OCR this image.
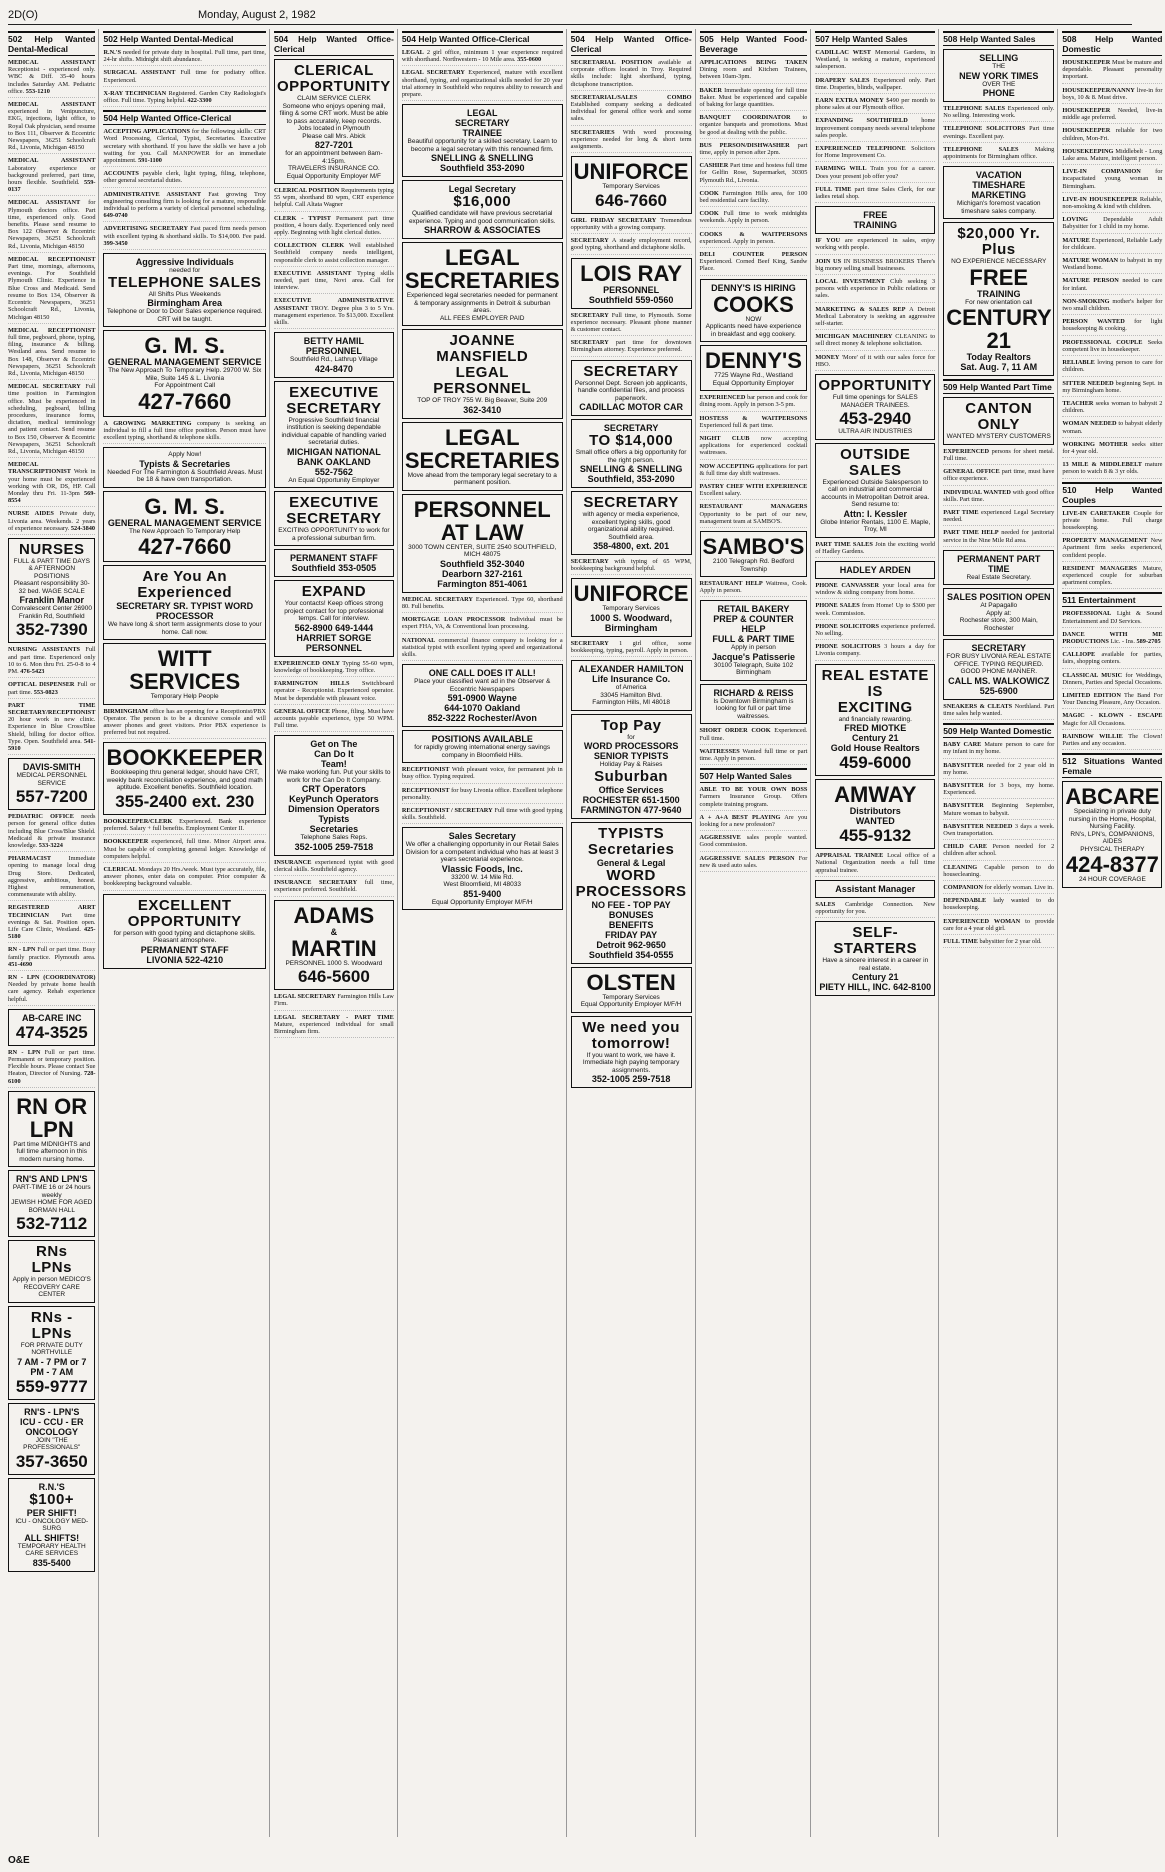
2D(O)	Monday, August 2, 1982
502 Help Wanted Dental-Medical

MEDICAL ASSISTANT Receptionist - experienced only. WBC & Diff. 35-40 hours includes Saturday AM. Pediatric office. 553-1210

MEDICAL ASSISTANT experienced in Venipuncture, EKG, injections, light office, to Royal Oak physician, send resume to Box 111, Observer & Eccentric Newspapers, 36251 Schoolcraft Rd., Livonia, Michigan 48150

MEDICAL ASSISTANT Laboratory experience or background preferred, part time, hours flexible. Southfield. 559-0137

MEDICAL ASSISTANT for Plymouth doctors office. Part time, experienced only. Good benefits. Please send resume to Box 122 Observer & Eccentric Newspapers, 36251 Schoolcraft Rd., Livonia, Michigan 48150

MEDICAL RECEPTIONIST Part time, mornings, afternoons, evenings. For Southfield Plymouth Clinic. Experience in Blue Cross and Medicaid. Send resume to Box 134, Observer & Eccentric Newspapers, 36251 Schoolcraft Rd., Livonia, Michigan 48150

MEDICAL RECEPTIONIST full time, pegboard, phone, typing, filing, insurance & billing. Westland area. Send resume to Box 148, Observer & Eccentric Newspapers, 36251 Schoolcraft Rd., Livonia, Michigan 48150

MEDICAL SECRETARY Full time position in Farmington office. Must be experienced in scheduling, pegboard, billing procedures, insurance forms, dictation, medical terminology and patient contact. Send resume to Box 150, Observer & Eccentric Newspapers, 36251 Schoolcraft Rd., Livonia, Michigan 48150

MEDICAL TRANSCRIPTIONIST Work in your home must be experienced working with OR, DS, HP. Call Monday thru Fri. 11-3pm 569-8554

NURSE AIDES Private duty, Livonia area. Weekends. 2 years of experience necessary. 524-3840

NURSES
FULL & PART TIME DAYS & AFTERNOON POSITIONS
Pleasant responsibility 30-32 bed. WAGE SCALE
Franklin Manor
Convalescent Center 26900 Franklin Rd, Southfield
352-7390

NURSING ASSISTANTS Full and part time. Experienced only 10 to 6. Mon thru Fri. 25-0-8 to 4 PM. 476-5423

OPTICAL DISPENSER Full or part time. 553-0823

PART TIME SECRETARY/RECEPTIONIST 20 hour work in new clinic. Experience in Blue Cross/Blue Shield, billing for doctor office. Type. Open. Southfield area. 541-5910

DAVIS-SMITH
MEDICAL PERSONNEL SERVICE
557-7200

PEDIATRIC OFFICE needs person for general office duties including Blue Cross/Blue Shield. Medicaid & private insurance knowledge. 533-3224

PHARMACIST	Immediate opening to manage local drug Drug Store. Dedicated, aggressive, ambitious, honest. Highest remuneration, commensurate with ability.

REGISTERED ARRT TECHNICIAN Part time evenings & Sat. Position open. Life Care Clinic, Westland. 425-5180

RN - LPN Full or part time. Busy family practice. Plymouth area. 451-4690

RN - LPN (COORDINATOR) Needed by private home health care agency. Rehab experience helpful.

AB-CARE INC
474-3525

RN - LPN Full or part time. Permanent or temporary position. Flexible hours. Please contact Sue Heaton, Director of Nursing. 728-6100

RN OR LPN
Part time MIDNIGHTS and full time afternoon in this modern nursing home.
RN'S AND LPN'S
PART-TIME 16 or 24 hours weekly
JEWISH HOME FOR AGED BORMAN HALL
532-7112
RNs
LPNs
Apply in person MEDICO'S RECOVERY CARE CENTER
RNs - LPNs
FOR PRIVATE DUTY NORTHVILLE
7 AM - 7 PM or 7 PM - 7 AM
559-9777
RN'S - LPN'S
ICU - CCU - ER ONCOLOGY
JOIN "THE PROFESSIONALS"
357-3650
R.N.'S
$100+
PER SHIFT!
ICU - ONCOLOGY MED-SURG
ALL SHIFTS!
TEMPORARY HEALTH CARE SERVICES
835-5400
502 Help Wanted Dental-Medical

R.N.'S needed for private duty in hospital. Full time, part time, 24-hr shifts. Midnight shift abundance.

SURGICAL ASSISTANT Full time for podiatry office. Experienced.

X-RAY TECHNICIAN Registered. Garden City Radiologist's office. Full time. Typing helpful. 422-3300

504 Help Wanted Office-Clerical

ACCEPTING APPLICATIONS for the following skills: CRT Word Processing, Clerical, Typist, Secretaries. Executive secretary with shorthand. If you have the skills we have a job waiting for you. Call MANPOWER for an immediate appointment. 591-1100

ACCOUNTS payable clerk, light typing, filing, telephone, other general secretarial duties.

ADMINISTRATIVE ASSISTANT Fast growing Troy engineering consulting firm is looking for a mature, responsible individual to perform a variety of clerical personnel scheduling. 649-0740

ADVERTISING SECRETARY Fast paced firm needs person with excellent typing & shorthand skills. To $14,000. Fee paid. 399-3450

Aggressive Individuals
needed for
TELEPHONE SALES
All Shifts Plus Weekends
Birmingham Area
Telephone or Door to Door Sales experience required. CRT will be taught.
G. M. S.
GENERAL MANAGEMENT SERVICE
The New Approach To Temporary Help. 29700 W. Six Mile, Suite 145 & L. Livonia
For Appointment Call
427-7660

A GROWING MARKETING company is seeking an individual to fill a full time office position. Person must have excellent typing, shorthand & telephone skills.

Apply Now!
Typists & Secretaries
Needed For The Farmington & Southfield Areas. Must be 18 & have own transportation.
G. M. S.
GENERAL MANAGEMENT SERVICE
The New Approach To Temporary Help
427-7660
Are You An Experienced
SECRETARY SR. TYPIST WORD PROCESSOR
We have long & short term assignments close to your home. Call now.
WITT
SERVICES
Temporary Help People

BIRMINGHAM office has an opening for a Receptionist/PBX Operator. The person is to be a dicursive console and will answer phones and greet visitors. Prior PBX experience is preferred but not required.

BOOKKEEPER
Bookkeeping thru general ledger, should have CRT, weekly bank reconciliation experience, and good math aptitude. Excellent benefits. Southfield location.
355-2400 ext. 230

BOOKKEEPER/CLERK Experienced. Bank experience preferred. Salary + full benefits. Employment Center II.

BOOKKEEPER experienced, full time. Minor Airport area. Must be capable of completing general ledger. Knowledge of computers helpful.

CLERICAL Mondays 20 Hrs./week. Must type accurately, file, answer phones, enter data on computer. Prior computer & bookkeeping background valuable.

EXCELLENT
OPPORTUNITY
for person with good typing and dictaphone skills. Pleasant atmosphere.
PERMANENT STAFF
LIVONIA 522-4210
504 Help Wanted Office-Clerical
CLERICAL
OPPORTUNITY
CLAIM SERVICE CLERK
Someone who enjoys opening mail, filing & some CRT work. Must be able to pass accurately, keep records.
Jobs located in Plymouth
Please call Mrs. Abick
827-7201
for an appointment between 8am-4:15pm.
TRAVELERS INSURANCE CO.
Equal Opportunity Employer M/F

CLERICAL POSITION Requirements typing 55 wpm, shorthand 80 wpm, CRT experience helpful. Call Altata Wagner

CLERK - TYPIST Permanent part time position, 4 hours daily. Experienced only need apply. Beginning with light clerical duties.

COLLECTION CLERK Well established Southfield company needs intelligent, responsible clerk to assist collection manager.

EXECUTIVE ASSISTANT Typing skills needed, part time, Novi area. Call for interview.

EXECUTIVE ADMINISTRATIVE ASSISTANT TROY. Degree plus 3 to 5 Yrs. management experience. To $13,000. Excellent skills.

BETTY HAMIL PERSONNEL
Southfield Rd., Lathrup Village
424-8470
EXECUTIVE
SECRETARY
Progressive Southfield financial institution is seeking dependable individual capable of handling varied secretarial duties.
MICHIGAN NATIONAL BANK OAKLAND
552-7562
An Equal Opportunity Employer
EXECUTIVE
SECRETARY
EXCITING OPPORTUNITY to work for a professional suburban firm.
PERMANENT STAFF
Southfield 353-0505
EXPAND
Your contacts! Keep offices strong project contact for top professional temps. Call for interview.
562-8900 649-1444
HARRIET SORGE PERSONNEL

EXPERIENCED ONLY Typing 55-60 wpm, knowledge of bookkeeping. Troy office.

FARMINGTON HILLS Switchboard operator - Receptionist. Experienced operator. Must be dependable with pleasant voice.

GENERAL OFFICE Phone, filing. Must have accounts payable experience, type 50 WPM. Full time.

Get on The
Can Do It
Team!
We make working fun. Put your skills to work for the Can Do It Company.
CRT Operators
KeyPunch Operators
Dimension Operators
Typists
Secretaries
Telephone Sales Reps.
352-1005 259-7518

INSURANCE experienced typist with good clerical skills. Southfield agency.

INSURANCE SECRETARY full time, experience preferred. Southfield.

ADAMS
&
MARTIN
PERSONNEL 1000 S. Woodward
646-5600

LEGAL SECRETARY Farmington Hills Law Firm.

LEGAL SECRETARY - PART TIME Mature, experienced individual for small Birmingham firm.

504 Help Wanted Office-Clerical

LEGAL 2 girl office, minimum 1 year experience required with shorthand. Northwestern - 10 Mile area. 355-0600

LEGAL SECRETARY Experienced, mature with excellent shorthand, typing, and organizational skills needed for 20 year trial attorney in Southfield who requires ability to research and prepare.

LEGAL
SECRETARY
TRAINEE
Beautiful opportunity for a skilled secretary. Learn to become a legal secretary with this renowned firm.
SNELLING & SNELLING
Southfield 353-2090
Legal Secretary
$16,000
Qualified candidate will have previous secretarial experience. Typing and good communication skills.
SHARROW & ASSOCIATES
LEGAL
SECRETARIES
Experienced legal secretaries needed for permanent & temporary assignments in Detroit & suburban areas.
ALL FEES EMPLOYER PAID
JOANNE
MANSFIELD
LEGAL
PERSONNEL
TOP OF TROY 755 W. Big Beaver, Suite 209
362-3410
LEGAL
SECRETARIES
Move ahead from the temporary legal secretary to a permanent position.
PERSONNEL
AT LAW
3000 TOWN CENTER, SUITE 2540 SOUTHFIELD, MICH 48075
Southfield 352-3040
Dearborn 327-2161
Farmington 851-4061

MEDICAL SECRETARY Experienced. Type 60, shorthand 80. Full benefits.

MORTGAGE LOAN PROCESSOR Individual must be expert FHA, VA, & Conventional loan processing.

NATIONAL commercial finance company is looking for a statistical typist with excellent typing speed and organizational skills.

ONE CALL DOES IT ALL!
Place your classified want ad in the Observer & Eccentric Newspapers
591-0900 Wayne
644-1070 Oakland
852-3222 Rochester/Avon
POSITIONS AVAILABLE
for rapidly growing international energy savings company in Bloomfield Hills.

RECEPTIONIST With pleasant voice, for permanent job in busy office. Typing required.

RECEPTIONIST for busy Livonia office. Excellent telephone personality.

RECEPTIONIST / SECRETARY Full time with good typing skills. Southfield.

Sales Secretary
We offer a challenging opportunity in our Retail Sales Division for a competent individual who has at least 3 years secretarial experience.
Vlassic Foods, Inc.
33200 W. 14 Mile Rd.
West Bloomfield, MI 48033
851-9400
Equal Opportunity Employer M/F/H
504 Help Wanted Office-Clerical

SECRETARIAL POSITION available at corporate offices located in Troy. Required skills include: light shorthand, typing, dictaphone transcription.

SECRETARIAL/SALES COMBO Established company seeking a dedicated individual for general office work and some sales.

SECRETARIES With word processing experience needed for long & short term assignments.

UNIFORCE
Temporary Services
646-7660

GIRL FRIDAY SECRETARY Tremendous opportunity with a growing company.

SECRETARY A steady employment record, good typing, shorthand and dictaphone skills.

LOIS RAY
PERSONNEL
Southfield 559-0560

SECRETARY Full time, to Plymouth. Some experience necessary. Pleasant phone manner & customer contact.

SECRETARY part time for downtown Birmingham attorney. Experience preferred.

SECRETARY
Personnel Dept. Screen job applicants, handle confidential files, and process paperwork.
CADILLAC MOTOR CAR
SECRETARY
TO $14,000
Small office offers a big opportunity for the right person.
SNELLING & SNELLING
Southfield, 353-2090
SECRETARY
with agency or media experience, excellent typing skills, good organizational ability required. Southfield area.
358-4800, ext. 201

SECRETARY with typing of 65 WPM, bookkeeping background helpful.

UNIFORCE
Temporary Services
1000 S. Woodward, Birmingham

SECRETARY 1 girl office, some bookkeeping, typing, payroll. Apply in person.

ALEXANDER HAMILTON
Life Insurance Co.
of America
33045 Hamilton Blvd.
Farmington Hills, MI 48018
Top Pay
for
WORD PROCESSORS
SENIOR TYPISTS
Holiday Pay & Raises
Suburban
Office Services
ROCHESTER 651-1500
FARMINGTON 477-9640
TYPISTS
Secretaries
General & Legal
WORD
PROCESSORS
NO FEE - TOP PAY
BONUSES
BENEFITS
FRIDAY PAY
Detroit 962-9650
Southfield 354-0555
OLSTEN
Temporary Services
Equal Opportunity Employer M/F/H
We need you
tomorrow!
If you want to work, we have it. Immediate high paying temporary assignments.
352-1005 259-7518
505 Help Wanted Food-Beverage

APPLICATIONS BEING TAKEN Dining room and Kitchen Trainees, between 10am-3pm.

BAKER Immediate opening for full time Baker. Must be experienced and capable of baking for large quantities.

BANQUET COORDINATOR to organize banquets and promotions. Must be good at dealing with the public.

BUS PERSON/DISHWASHER part time, apply in person after 2pm.

CASHIER Part time and hostess full time for Gelfin Rose, Supermarket, 30305 Plymouth Rd., Livonia.

COOK Farmington Hills area, for 100 bed residential care facility.

COOK Full time to work midnights weekends. Apply in person.

COOKS & WAITPERSONS experienced. Apply in person.

DELI COUNTER PERSON Experienced. Corned Beef King, Sandw Place.

DENNY'S IS HIRING
COOKS
NOW
Applicants need have experience in breakfast and egg cookery.
DENNY'S
7725 Wayne Rd., Westland
Equal Opportunity Employer

EXPERIENCED bar person and cook for dining room. Apply in person 3-5 pm.

HOSTESS & WAITPERSONS Experienced full & part time.

NIGHT CLUB now accepting applications for experienced cocktail waitresses.

NOW ACCEPTING applications for part & full time day shift waitresses.

PASTRY CHEF WITH EXPERIENCE Excellent salary.

RESTAURANT MANAGERS Opportunity to be part of our new, management team at SAMBO'S.

SAMBO'S
2100 Telegraph Rd. Bedford Township

RESTAURANT HELP Waitress, Cook. Apply in person.

RETAIL BAKERY
PREP & COUNTER HELP
FULL & PART TIME
Apply in person
Jacque's Patisserie
30100 Telegraph, Suite 102 Birmingham
RICHARD & REISS
Is Downtown Birmingham is looking for full or part time waitresses.

SHORT ORDER COOK Experienced. Full time.

WAITRESSES Wanted full time or part time. Apply in person.

507 Help Wanted Sales

ABLE TO BE YOUR OWN BOSS Farmers Insurance Group. Offers complete training program.

A + A+A BEST PLAYING Are you looking for a new profession?

AGGRESSIVE sales people wanted. Good commission.

AGGRESSIVE SALES PERSON For new & used auto sales.

507 Help Wanted Sales

CADILLAC WEST Memorial Gardens, in Westland, is seeking a mature, experienced salesperson.

DRAPERY SALES Experienced only. Part time. Draperies, blinds, wallpaper.

EARN EXTRA MONEY $490 per month to phone sales at our Plymouth office.

EXPANDING SOUTHFIELD home improvement company needs several telephone sales people.

EXPERIENCED TELEPHONE Solicitors for Home Improvement Co.

FARMING WILL Train you for a career. Does your present job offer you?

FULL TIME part time Sales Clerk, for our ladies retail shop.

FREE
TRAINING

IF YOU are experienced in sales, enjoy working with people.

JOIN US IN BUSINESS BROKERS There's big money selling small businesses.

LOCAL INVESTMENT Club seeking 3 persons with experience in Public relations or sales.

MARKETING & SALES REP A Detroit Medical Laboratory is seeking an aggressive self-starter.

MICHIGAN MACHINERY CLEANING to sell direct money & telephone solicitation.

MONEY 'More' of it with our sales force for HBO.

OPPORTUNITY
Full time openings for SALES MANAGER TRAINEES.
453-2940
ULTRA AIR INDUSTRIES
OUTSIDE SALES
Experienced Outside Salesperson to call on industrial and commercial accounts in Metropolitan Detroit area.
Send resume to:
Attn: I. Kessler
Globe Interior Rentals, 1100 E. Maple, Troy, MI

PART TIME SALES Join the exciting world of Hadley Gardens.

HADLEY ARDEN

PHONE CANVASSER your local area for window & siding company from home.

PHONE SALES from Home! Up to $300 per week. Commission.

PHONE SOLICITORS experience preferred. No selling.

PHONE SOLICITORS 3 hours a day for Livonia company.

REAL ESTATE
IS
EXCITING
and financially rewarding.
FRED MIOTKE
Century 21
Gold House Realtors
459-6000
AMWAY
Distributors
WANTED
455-9132

APPRAISAL TRAINEE Local office of a National Organization needs a full time appraisal trainee.

Assistant Manager

SALES Cambridge Connection. New opportunity for you.

SELF-STARTERS
Have a sincere interest in a career in real estate.
Century 21
PIETY HILL, INC. 642-8100
508 Help Wanted Sales
SELLING
THE
NEW YORK TIMES
OVER THE
PHONE

TELEPHONE SALES Experienced only. No selling. Interesting work.

TELEPHONE SOLICITORS Part time evenings. Excellent pay.

TELEPHONE SALES	Making appointments for Birmingham office.

VACATION
TIMESHARE MARKETING
Michigan's foremost vacation timeshare sales company.
$20,000 Yr. Plus
NO EXPERIENCE NECESSARY
FREE
TRAINING
For new orientation call
CENTURY 21
Today Realtors
Sat. Aug. 7, 11 AM
509 Help Wanted Part Time
CANTON ONLY
WANTED MYSTERY CUSTOMERS

EXPERIENCED persons for sheet metal. Full time.

GENERAL OFFICE part time, must have office experience.

INDIVIDUAL WANTED with good office skills. Part time.

PART TIME experienced Legal Secretary needed.

PART TIME HELP needed for janitorial service in the Nine Mile Rd area.

PERMANENT PART TIME
Real Estate Secretary.
SALES POSITION OPEN
At Papagallo
Apply at:
Rochester store, 300 Main, Rochester
SECRETARY
FOR BUSY LIVONIA REAL ESTATE OFFICE. TYPING REQUIRED. GOOD PHONE MANNER.
CALL MS. WALKOWICZ
525-6900

SNEAKERS & CLEATS Northland. Part time sales help wanted.

509 Help Wanted Domestic

BABY CARE Mature person to care for my infant in my home.

BABYSITTER needed for 2 year old in my home.

BABYSITTER for 3 boys, my home. Experienced.

BABYSITTER Beginning September, Mature woman to babysit.

BABYSITTER NEEDED 3 days a week. Own transportation.

CHILD CARE Person needed for 2 children after school.

CLEANING Capable person to do housecleaning.

COMPANION for elderly woman. Live in.

DEPENDABLE lady wanted to do housekeeping.

EXPERIENCED WOMAN to provide care for a 4 year old girl.

FULL TIME babysitter for 2 year old.

508 Help Wanted Domestic

HOUSEKEEPER Must be mature and dependable. Pleasant personality important.

HOUSEKEEPER/NANNY live-in for boys, 10 & 8. Must drive.

HOUSEKEEPER Needed, live-in middle age preferred.

HOUSEKEEPER reliable for two children, Mon-Fri.

HOUSEKEEPING Middlebelt - Long Lake area. Mature, intelligent person.

LIVE-IN COMPANION for incapacitated young woman in Birmingham.

LIVE-IN HOUSEKEEPER Reliable, non-smoking & kind with children.

LOVING Dependable Adult Babysitter for 1 child in my home.

MATURE Experienced, Reliable Lady for childcare.

MATURE WOMAN to babysit in my Westland home.

MATURE PERSON needed to care for infant.

NON-SMOKING mother's helper for two small children.

PERSON WANTED for light housekeeping & cooking.

PROFESSIONAL COUPLE Seeks competent live in housekeeper.

RELIABLE loving person to care for children.

SITTER NEEDED beginning Sept. in my Birmingham home.

TEACHER seeks woman to babysit 2 children.

WOMAN NEEDED to babysit elderly woman.

WORKING MOTHER seeks sitter for 4 year old.

13 MILE & MIDDLEBELT mature person to watch 8 & 3 yr olds.

510 Help Wanted Couples

LIVE-IN CARETAKER Couple for private home. Full charge housekeeping.

PROPERTY MANAGEMENT New Apartment firm seeks experienced, confident people.

RESIDENT MANAGERS Mature, experienced couple for suburban apartment complex.

511 Entertainment

PROFESSIONAL Light & Sound Entertainment and DJ Services.

DANCE WITH ME PRODUCTIONS Lic. - Ins. 589-2705

CALLIOPE available for parties, fairs, shopping centers.

CLASSICAL MUSIC for Weddings, Dinners, Parties and Special Occasions.

LIMITED EDITION The Band For Your Dancing Pleasure, Any Occasion.

MAGIC - KLOWN - ESCAPE Magic for All Occasions.

RAINBOW WILLIE The Clown! Parties and any occasion.

512 Situations Wanted Female
ABCARE
Specializing in private duty nursing in the Home, Hospital, Nursing Facility.
RN's, LPN's, COMPANIONS, AIDES
PHYSICAL THERAPY
424-8377
24 HOUR COVERAGE
O&E
